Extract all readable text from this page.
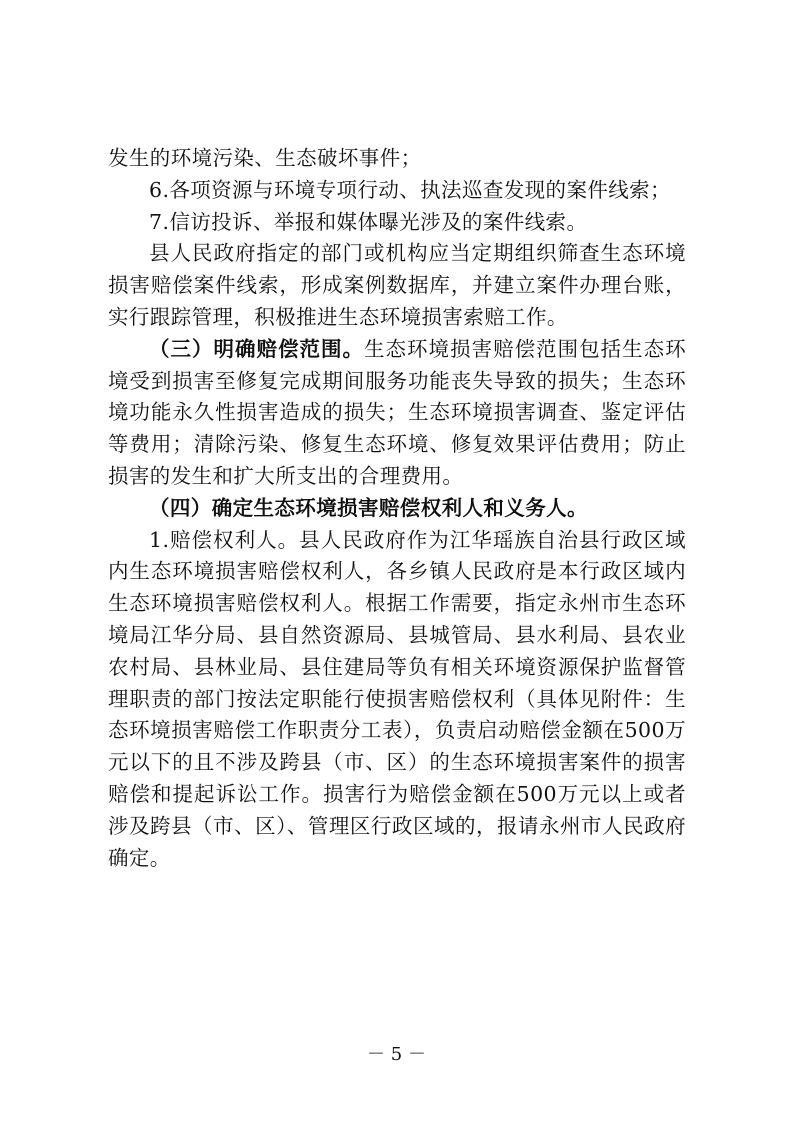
发生的环境污染、生态破坏事件；

6.各项资源与环境专项行动、执法巡查发现的案件线索；

7.信访投诉、举报和媒体曝光涉及的案件线索。

县人民政府指定的部门或机构应当定期组织筛查生态环境损害赔偿案件线索，形成案例数据库，并建立案件办理台账，实行跟踪管理，积极推进生态环境损害索赔工作。

（三）明确赔偿范围。生态环境损害赔偿范围包括生态环境受到损害至修复完成期间服务功能丧失导致的损失；生态环境功能永久性损害造成的损失；生态环境损害调查、鉴定评估等费用；清除污染、修复生态环境、修复效果评估费用；防止损害的发生和扩大所支出的合理费用。

（四）确定生态环境损害赔偿权利人和义务人。

1.赔偿权利人。县人民政府作为江华瑶族自治县行政区域内生态环境损害赔偿权利人，各乡镇人民政府是本行政区域内生态环境损害赔偿权利人。根据工作需要，指定永州市生态环境局江华分局、县自然资源局、县城管局、县水利局、县农业农村局、县林业局、县住建局等负有相关环境资源保护监督管理职责的部门按法定职能行使损害赔偿权利（具体见附件：生态环境损害赔偿工作职责分工表），负责启动赔偿金额在500万元以下的且不涉及跨县（市、区）的生态环境损害案件的损害赔偿和提起诉讼工作。损害行为赔偿金额在500万元以上或者涉及跨县（市、区）、管理区行政区域的，报请永州市人民政府确定。

－ 5 －
